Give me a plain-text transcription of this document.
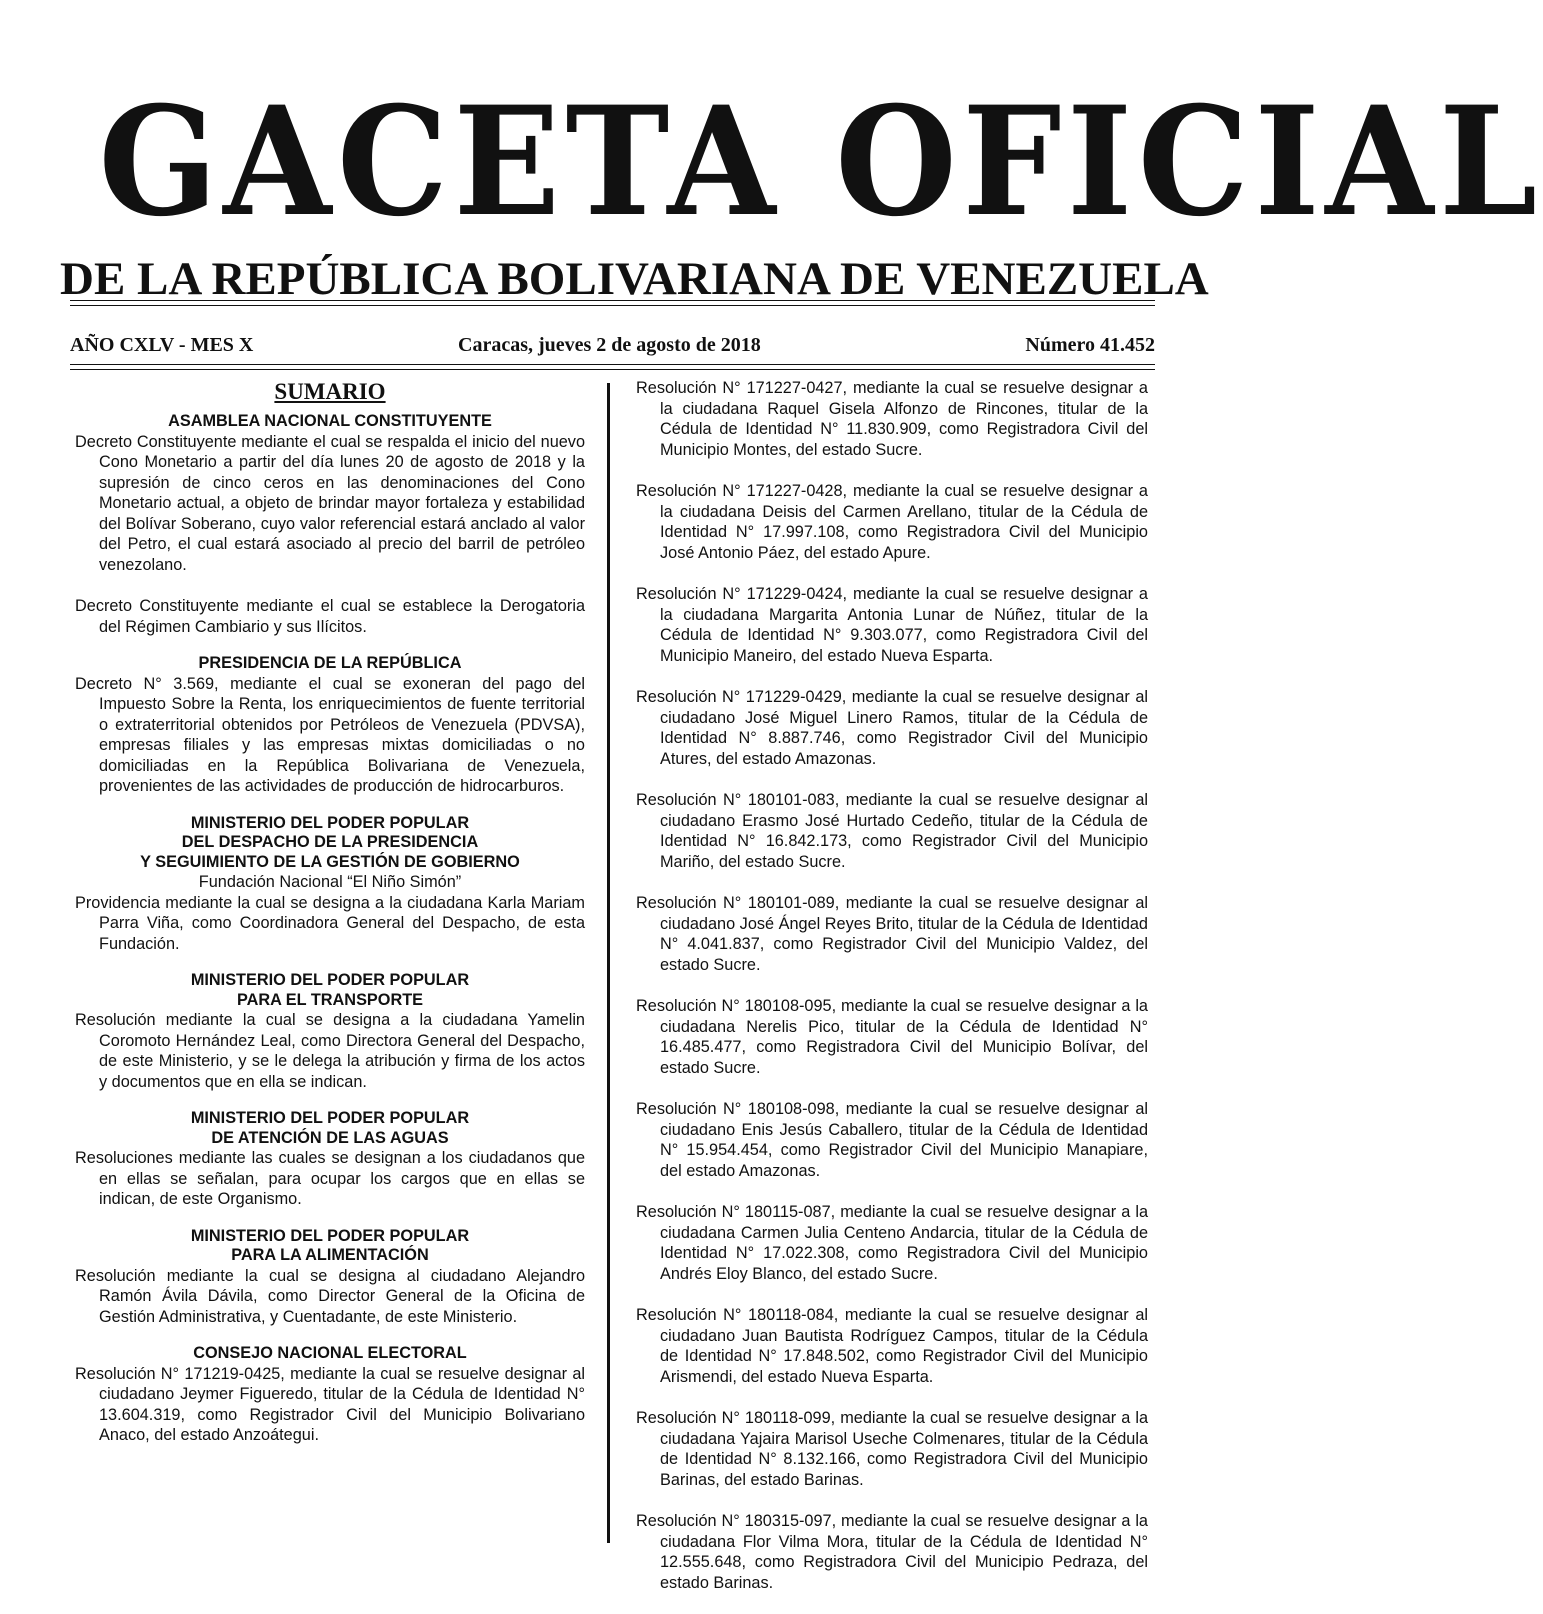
GACETA OFICIAL
DE LA REPÚBLICA BOLIVARIANA DE VENEZUELA
AÑO CXLV - MES X	Caracas, jueves 2 de agosto de 2018	Número 41.452
SUMARIO
ASAMBLEA NACIONAL CONSTITUYENTE

Decreto Constituyente mediante el cual se respalda el inicio del nuevo Cono Monetario a partir del día lunes 20 de agosto de 2018 y la supresión de cinco ceros en las denominaciones del Cono Monetario actual, a objeto de brindar mayor fortaleza y estabilidad del Bolívar Soberano, cuyo valor referencial estará anclado al valor del Petro, el cual estará asociado al precio del barril de petróleo venezolano.

Decreto Constituyente mediante el cual se establece la Derogatoria del Régimen Cambiario y sus Ilícitos.

PRESIDENCIA DE LA REPÚBLICA

Decreto N° 3.569, mediante el cual se exoneran del pago del Impuesto Sobre la Renta, los enriquecimientos de fuente territorial o extraterritorial obtenidos por Petróleos de Venezuela (PDVSA), empresas filiales y las empresas mixtas domiciliadas o no domiciliadas en la República Bolivariana de Venezuela, provenientes de las actividades de producción de hidrocarburos.

MINISTERIO DEL PODER POPULAR
DEL DESPACHO DE LA PRESIDENCIA
Y SEGUIMIENTO DE LA GESTIÓN DE GOBIERNO
Fundación Nacional “El Niño Simón”

Providencia mediante la cual se designa a la ciudadana Karla Mariam Parra Viña, como Coordinadora General del Despacho, de esta Fundación.

MINISTERIO DEL PODER POPULAR
PARA EL TRANSPORTE

Resolución mediante la cual se designa a la ciudadana Yamelin Coromoto Hernández Leal, como Directora General del Despacho, de este Ministerio, y se le delega la atribución y firma de los actos y documentos que en ella se indican.

MINISTERIO DEL PODER POPULAR
DE ATENCIÓN DE LAS AGUAS

Resoluciones mediante las cuales se designan a los ciudadanos que en ellas se señalan, para ocupar los cargos que en ellas se indican, de este Organismo.

MINISTERIO DEL PODER POPULAR
PARA LA ALIMENTACIÓN

Resolución mediante la cual se designa al ciudadano Alejandro Ramón Ávila Dávila, como Director General de la Oficina de Gestión Administrativa, y Cuentadante, de este Ministerio.

CONSEJO NACIONAL ELECTORAL

Resolución N° 171219-0425, mediante la cual se resuelve designar al ciudadano Jeymer Figueredo, titular de la Cédula de Identidad N° 13.604.319, como Registrador Civil del Municipio Bolivariano Anaco, del estado Anzoátegui.

Resolución N° 171227-0427, mediante la cual se resuelve designar a la ciudadana Raquel Gisela Alfonzo de Rincones, titular de la Cédula de Identidad N° 11.830.909, como Registradora Civil del Municipio Montes, del estado Sucre.

Resolución N° 171227-0428, mediante la cual se resuelve designar a la ciudadana Deisis del Carmen Arellano, titular de la Cédula de Identidad N° 17.997.108, como Registradora Civil del Municipio José Antonio Páez, del estado Apure.

Resolución N° 171229-0424, mediante la cual se resuelve designar a la ciudadana Margarita Antonia Lunar de Núñez, titular de la Cédula de Identidad N° 9.303.077, como Registradora Civil del Municipio Maneiro, del estado Nueva Esparta.

Resolución N° 171229-0429, mediante la cual se resuelve designar al ciudadano José Miguel Linero Ramos, titular de la Cédula de Identidad N° 8.887.746, como Registrador Civil del Municipio Atures, del estado Amazonas.

Resolución N° 180101-083, mediante la cual se resuelve designar al ciudadano Erasmo José Hurtado Cedeño, titular de la Cédula de Identidad N° 16.842.173, como Registrador Civil del Municipio Mariño, del estado Sucre.

Resolución N° 180101-089, mediante la cual se resuelve designar al ciudadano José Ángel Reyes Brito, titular de la Cédula de Identidad N° 4.041.837, como Registrador Civil del Municipio Valdez, del estado Sucre.

Resolución N° 180108-095, mediante la cual se resuelve designar a la ciudadana Nerelis Pico, titular de la Cédula de Identidad N° 16.485.477, como Registradora Civil del Municipio Bolívar, del estado Sucre.

Resolución N° 180108-098, mediante la cual se resuelve designar al ciudadano Enis Jesús Caballero, titular de la Cédula de Identidad N° 15.954.454, como Registrador Civil del Municipio Manapiare, del estado Amazonas.

Resolución N° 180115-087, mediante la cual se resuelve designar a la ciudadana Carmen Julia Centeno Andarcia, titular de la Cédula de Identidad N° 17.022.308, como Registradora Civil del Municipio Andrés Eloy Blanco, del estado Sucre.

Resolución N° 180118-084, mediante la cual se resuelve designar al ciudadano Juan Bautista Rodríguez Campos, titular de la Cédula de Identidad N° 17.848.502, como Registrador Civil del Municipio Arismendi, del estado Nueva Esparta.

Resolución N° 180118-099, mediante la cual se resuelve designar a la ciudadana Yajaira Marisol Useche Colmenares, titular de la Cédula de Identidad N° 8.132.166, como Registradora Civil del Municipio Barinas, del estado Barinas.

Resolución N° 180315-097, mediante la cual se resuelve designar a la ciudadana Flor Vilma Mora, titular de la Cédula de Identidad N° 12.555.648, como Registradora Civil del Municipio Pedraza, del estado Barinas.
